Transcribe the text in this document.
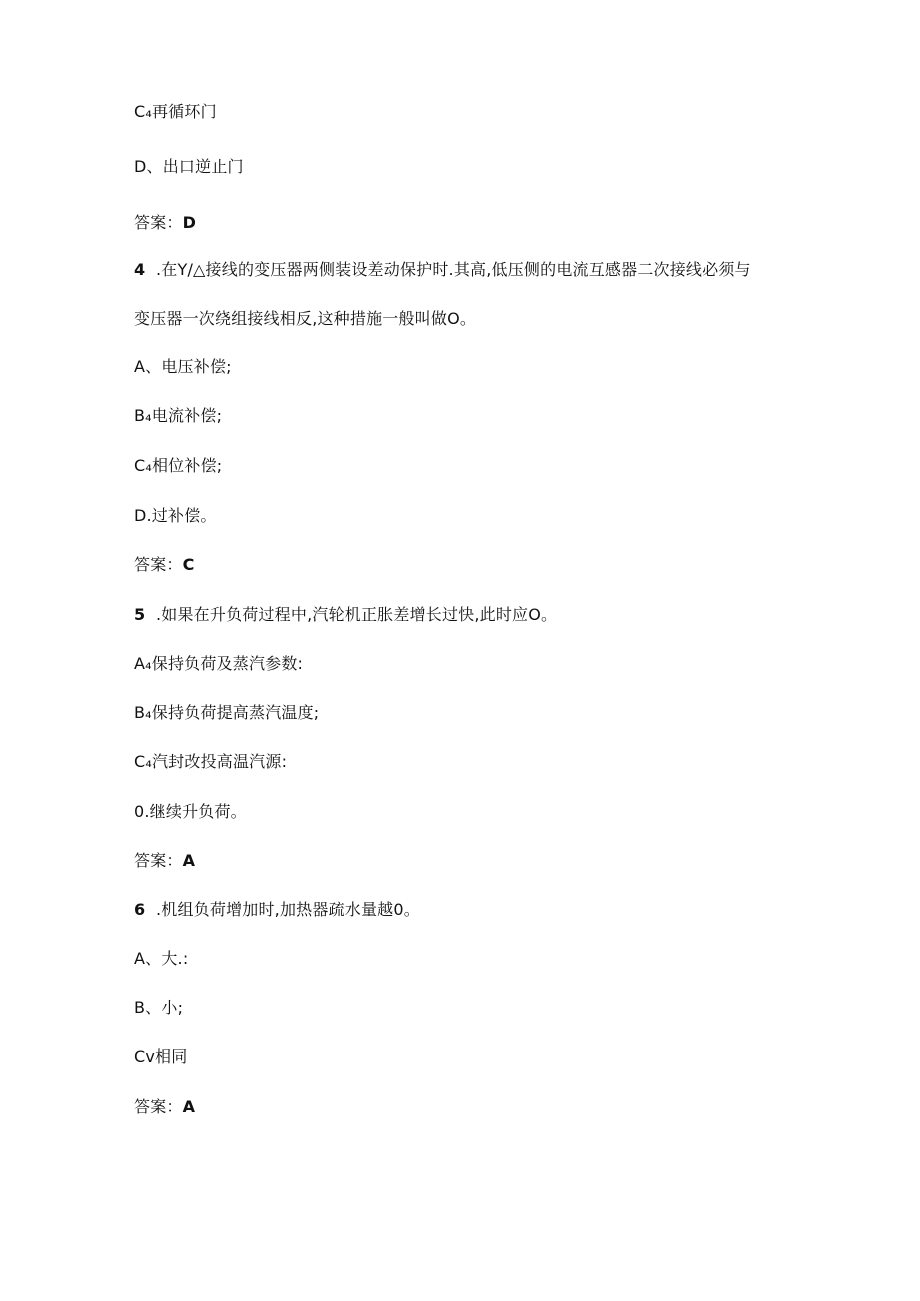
C₄再循环门
D、出口逆止门
答案：D
4 .在Y/△接线的变压器两侧装设差动保护时.其高,低压侧的电流互感器二次接线必须与
变压器一次绕组接线相反,这种措施一般叫做O。
A、电压补偿;
B₄电流补偿;
C₄相位补偿;
D.过补偿。
答案：C
5 .如果在升负荷过程中,汽轮机正胀差增长过快,此时应O。
A₄保持负荷及蒸汽参数:
B₄保持负荷提高蒸汽温度;
C₄汽封改投高温汽源:
0.继续升负荷。
答案：A
6 .机组负荷增加时,加热器疏水量越0。
A、大.:
B、小;
Cv相同
答案：A
